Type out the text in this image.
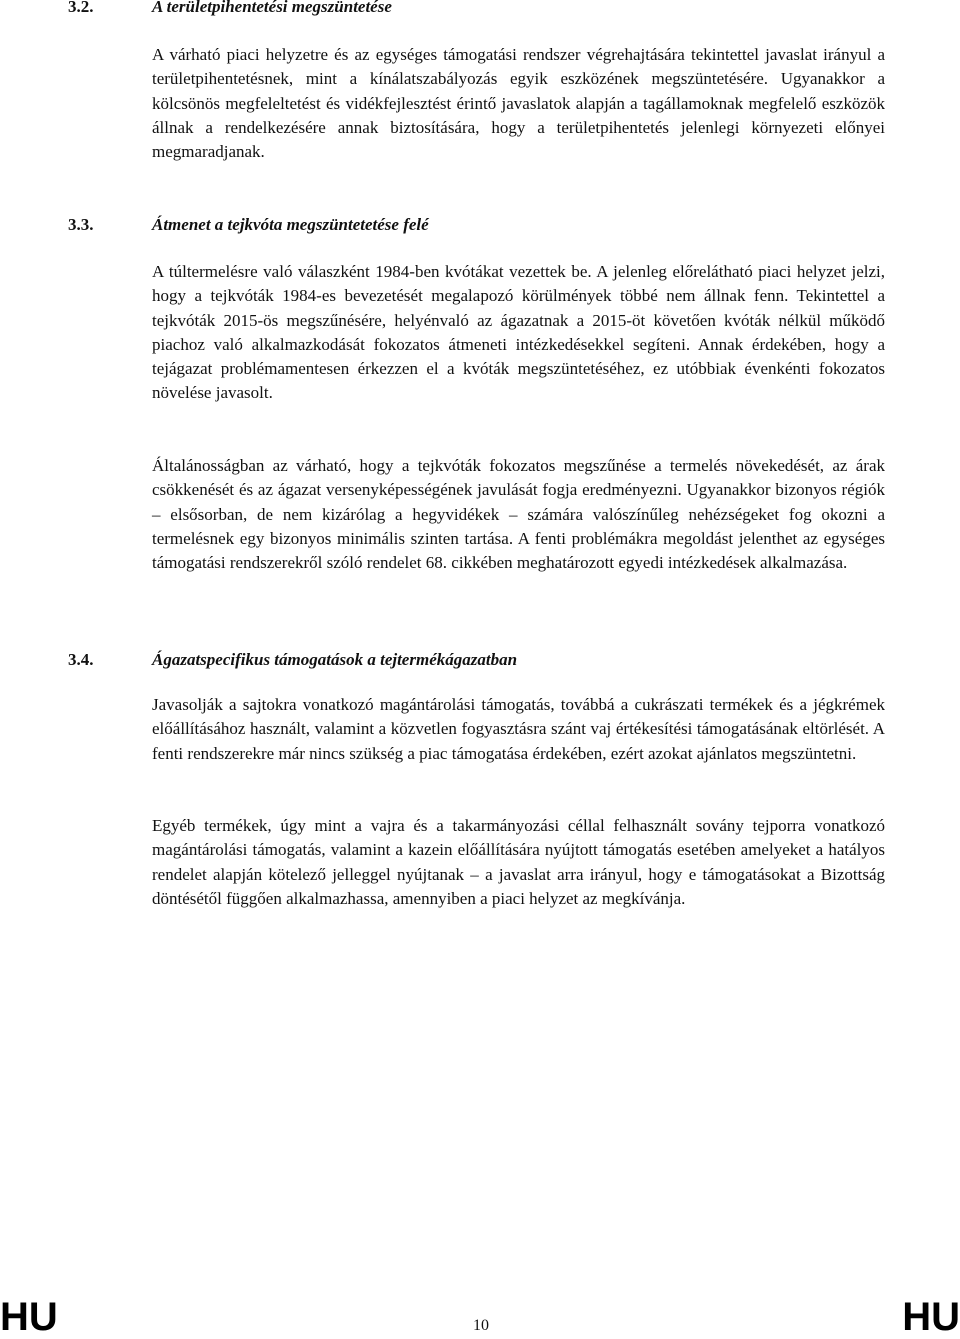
3.2.	A területpihentetési megszüntetése

A várható piaci helyzetre és az egységes támogatási rendszer végrehajtására tekintettel javaslat irányul a területpihentetésnek, mint a kínálatszabályozás egyik eszközének megszüntetésére. Ugyanakkor a kölcsönös megfeleltetést és vidékfejlesztést érintő javaslatok alapján a tagállamoknak megfelelő eszközök állnak a rendelkezésére annak biztosítására, hogy a területpihentetés jelenlegi környezeti előnyei megmaradjanak.

3.3.	Átmenet a tejkvóta megszüntetetése felé

A túltermelésre való válaszként 1984-ben kvótákat vezettek be. A jelenleg előrelátható piaci helyzet jelzi, hogy a tejkvóták 1984-es bevezetését megalapozó körülmények többé nem állnak fenn. Tekintettel a tejkvóták 2015-ös megszűnésére, helyénvaló az ágazatnak a 2015-öt követően kvóták nélkül működő piachoz való alkalmazkodását fokozatos átmeneti intézkedésekkel segíteni. Annak érdekében, hogy a tejágazat problémamentesen érkezzen el a kvóták megszüntetéséhez, ez utóbbiak évenkénti fokozatos növelése javasolt.

Általánosságban az várható, hogy a tejkvóták fokozatos megszűnése a termelés növekedését, az árak csökkenését és az ágazat versenyképességének javulását fogja eredményezni. Ugyanakkor bizonyos régiók – elsősorban, de nem kizárólag a hegyvidékek – számára valószínűleg nehézségeket fog okozni a termelésnek egy bizonyos minimális szinten tartása. A fenti problémákra megoldást jelenthet az egységes támogatási rendszerekről szóló rendelet 68. cikkében meghatározott egyedi intézkedések alkalmazása.

3.4.	Ágazatspecifikus támogatások a tejtermékágazatban

Javasolják a sajtokra vonatkozó magántárolási támogatás, továbbá a cukrászati termékek és a jégkrémek előállításához használt, valamint a közvetlen fogyasztásra szánt vaj értékesítési támogatásának eltörlését. A fenti rendszerekre már nincs szükség a piac támogatása érdekében, ezért azokat ajánlatos megszüntetni.

Egyéb termékek, úgy mint a vajra és a takarmányozási céllal felhasznált sovány tejporra vonatkozó magántárolási támogatás, valamint a kazein előállítására nyújtott támogatás esetében amelyeket a hatályos rendelet alapján kötelező jelleggel nyújtanak – a javaslat arra irányul, hogy e támogatásokat a Bizottság döntésétől függően alkalmazhassa, amennyiben a piaci helyzet az megkívánja.

HU	10	HU
